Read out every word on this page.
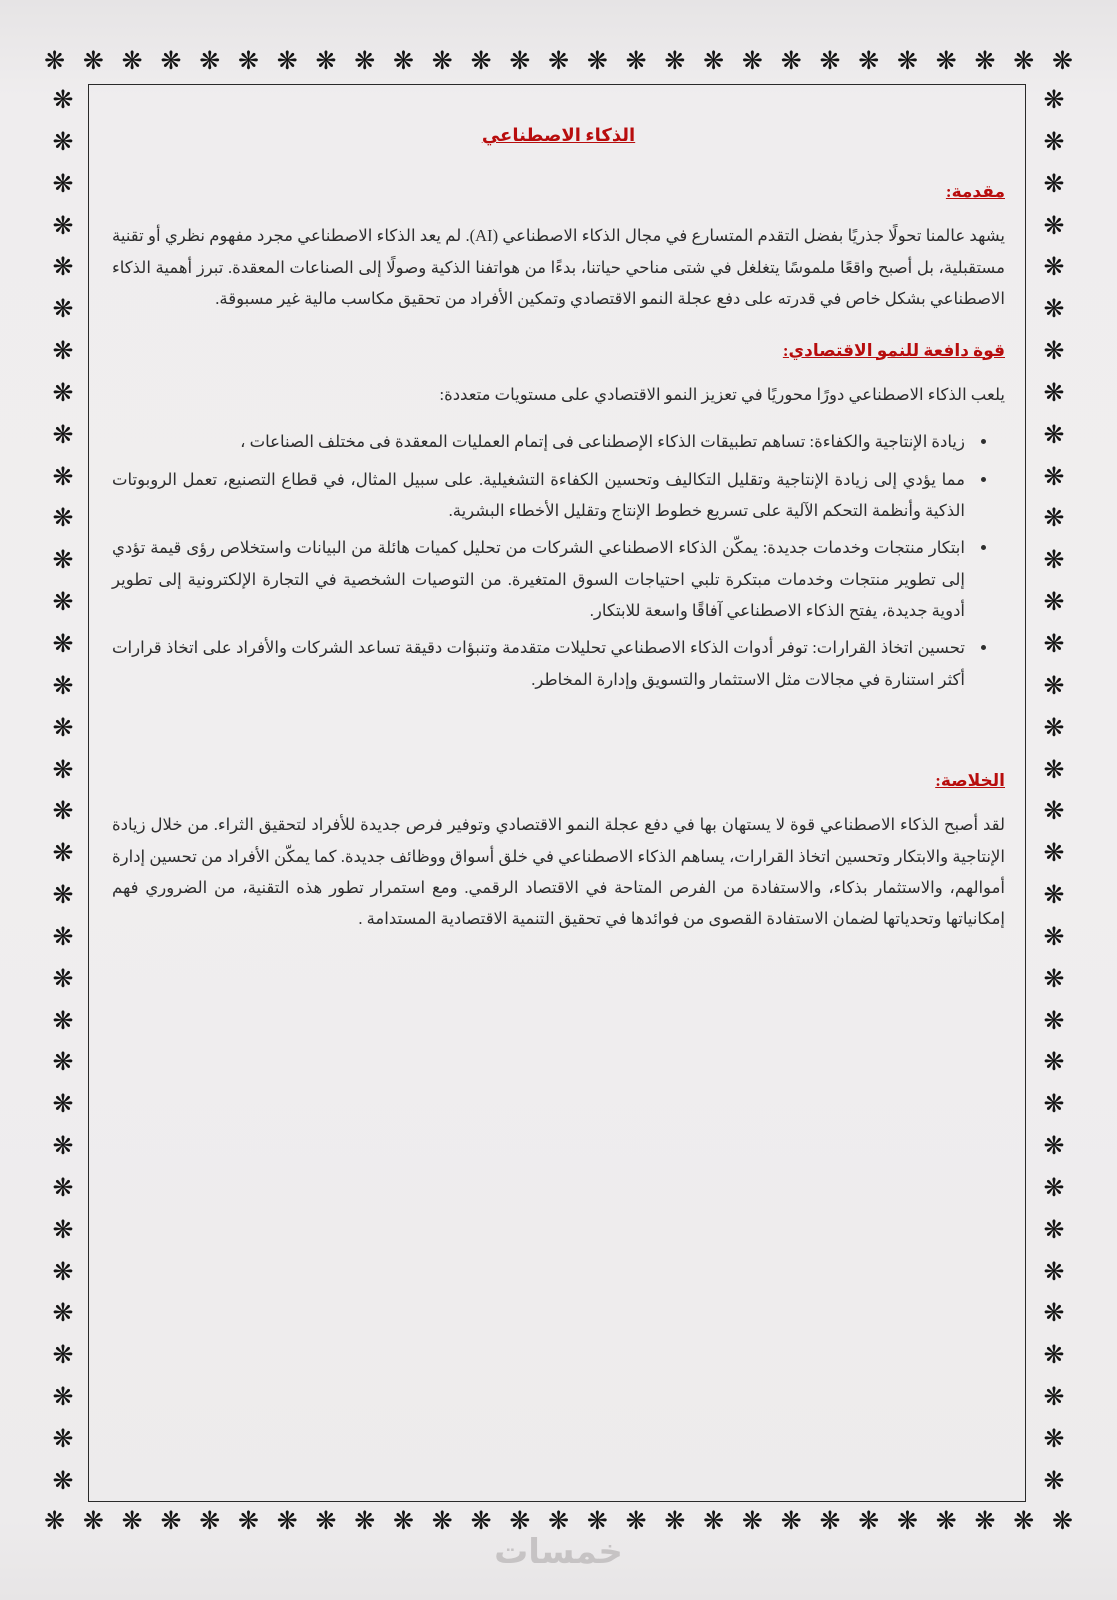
❋
❋
❋
❋
❋
❋
❋
❋
❋
❋
❋
❋
❋
❋
❋
❋
❋
❋
❋
❋
❋
❋
❋
❋
❋
❋
❋
❋
❋
❋
❋
❋
❋
❋
❋
❋
❋
❋
❋
❋
❋
❋
❋
❋
❋
❋
❋
❋
❋
❋
❋
❋
❋
❋
❋
❋
❋
❋
❋
❋
❋
❋
❋
❋
❋
❋
❋
❋
❋
❋
❋
❋
❋
❋
❋
❋
❋
❋
❋
❋
❋
❋
❋
❋
❋
❋
❋
❋
❋
❋
❋
❋
❋
❋
❋
❋
❋
❋
❋
❋
❋
❋
❋
❋
❋
❋
❋
❋
❋
❋
❋
❋
❋
❋
❋
❋
❋
❋
❋
❋
❋
❋
الذكاء الاصطناعي
مقدمة:

يشهد عالمنا تحولًا جذريًا بفضل التقدم المتسارع في مجال الذكاء الاصطناعي (AI). لم يعد الذكاء الاصطناعي مجرد مفهوم نظري أو تقنية مستقبلية، بل أصبح واقعًا ملموسًا يتغلغل في شتى مناحي حياتنا، بدءًا من هواتفنا الذكية وصولًا إلى الصناعات المعقدة. تبرز أهمية الذكاء الاصطناعي بشكل خاص في قدرته على دفع عجلة النمو الاقتصادي وتمكين الأفراد من تحقيق مكاسب مالية غير مسبوقة.

قوة دافعة للنمو الاقتصادي:

يلعب الذكاء الاصطناعي دورًا محوريًا في تعزيز النمو الاقتصادي على مستويات متعددة:

• زيادة الإنتاجية والكفاءة: تساهم تطبيقات الذكاء الإصطناعى فى إتمام العمليات المعقدة فى مختلف الصناعات ،
• مما يؤدي إلى زيادة الإنتاجية وتقليل التكاليف وتحسين الكفاءة التشغيلية. على سبيل المثال، في قطاع التصنيع، تعمل الروبوتات الذكية وأنظمة التحكم الآلية على تسريع خطوط الإنتاج وتقليل الأخطاء البشرية.
• ابتكار منتجات وخدمات جديدة: يمكّن الذكاء الاصطناعي الشركات من تحليل كميات هائلة من البيانات واستخلاص رؤى قيمة تؤدي إلى تطوير منتجات وخدمات مبتكرة تلبي احتياجات السوق المتغيرة. من التوصيات الشخصية في التجارة الإلكترونية إلى تطوير أدوية جديدة، يفتح الذكاء الاصطناعي آفاقًا واسعة للابتكار.
• تحسين اتخاذ القرارات: توفر أدوات الذكاء الاصطناعي تحليلات متقدمة وتنبؤات دقيقة تساعد الشركات والأفراد على اتخاذ قرارات أكثر استنارة في مجالات مثل الاستثمار والتسويق وإدارة المخاطر.
الخلاصة:

لقد أصبح الذكاء الاصطناعي قوة لا يستهان بها في دفع عجلة النمو الاقتصادي وتوفير فرص جديدة للأفراد لتحقيق الثراء. من خلال زيادة الإنتاجية والابتكار وتحسين اتخاذ القرارات، يساهم الذكاء الاصطناعي في خلق أسواق ووظائف جديدة. كما يمكّن الأفراد من تحسين إدارة أموالهم، والاستثمار بذكاء، والاستفادة من الفرص المتاحة في الاقتصاد الرقمي. ومع استمرار تطور هذه التقنية، من الضروري فهم إمكانياتها وتحدياتها لضمان الاستفادة القصوى من فوائدها في تحقيق التنمية الاقتصادية المستدامة .

خمسات
